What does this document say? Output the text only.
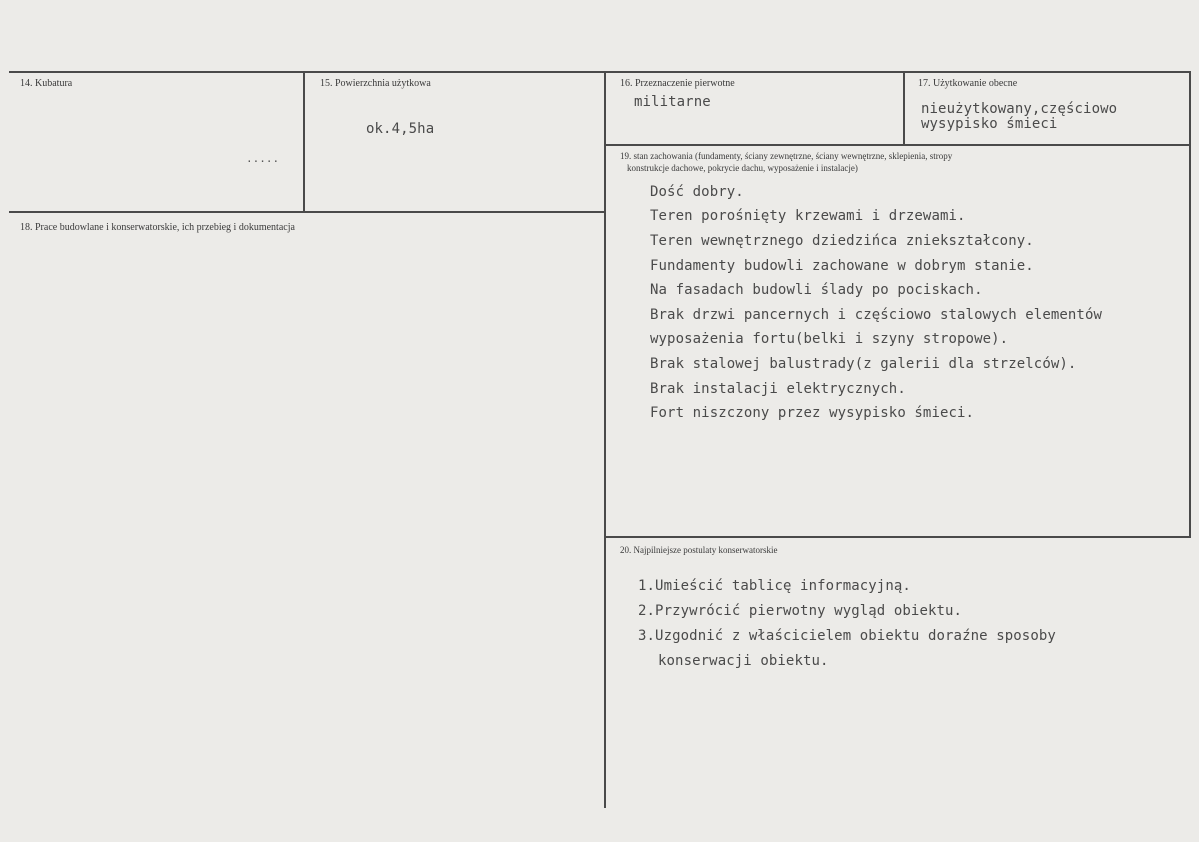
14. Kubatura
.....
15. Powierzchnia użytkowa
ok.4,5ha
16. Przeznaczenie pierwotne
militarne
17. Użytkowanie obecne
nieużytkowany,częściowo
wysypisko śmieci
18. Prace budowlane i konserwatorskie, ich przebieg i dokumentacja
19. stan zachowania (fundamenty, ściany zewnętrzne, ściany wewnętrzne, sklepienia, stropy
konstrukcje dachowe, pokrycie dachu, wyposażenie i instalacje)
Dość dobry.
Teren porośnięty krzewami i drzewami.
Teren wewnętrznego dziedzińca zniekształcony.
Fundamenty budowli zachowane w dobrym stanie.
Na fasadach budowli ślady po pociskach.
Brak drzwi pancernych i częściowo stalowych elementów
wyposażenia fortu(belki i szyny stropowe).
Brak stalowej balustrady(z galerii dla strzelców).
Brak instalacji elektrycznych.
Fort niszczony przez wysypisko śmieci.
20. Najpilniejsze postulaty konserwatorskie
1.Umieścić tablicę informacyjną.
2.Przywrócić pierwotny wygląd obiektu.
3.Uzgodnić z właścicielem obiektu doraźne sposoby
konserwacji obiektu.
